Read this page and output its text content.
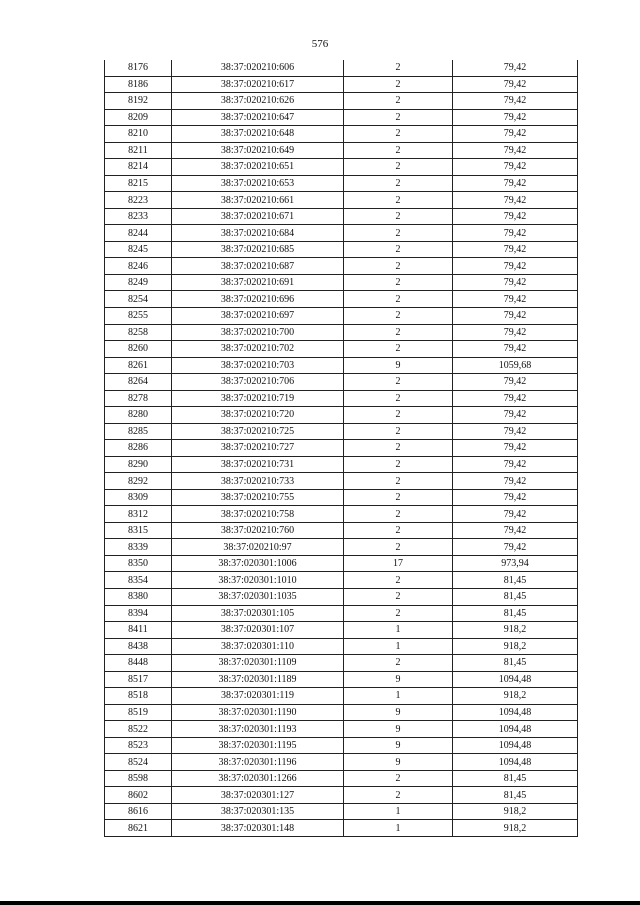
576
8176	38:37:020210:606	2	79,42
8186	38:37:020210:617	2	79,42
8192	38:37:020210:626	2	79,42
8209	38:37:020210:647	2	79,42
8210	38:37:020210:648	2	79,42
8211	38:37:020210:649	2	79,42
8214	38:37:020210:651	2	79,42
8215	38:37:020210:653	2	79,42
8223	38:37:020210:661	2	79,42
8233	38:37:020210:671	2	79,42
8244	38:37:020210:684	2	79,42
8245	38:37:020210:685	2	79,42
8246	38:37:020210:687	2	79,42
8249	38:37:020210:691	2	79,42
8254	38:37:020210:696	2	79,42
8255	38:37:020210:697	2	79,42
8258	38:37:020210:700	2	79,42
8260	38:37:020210:702	2	79,42
8261	38:37:020210:703	9	1059,68
8264	38:37:020210:706	2	79,42
8278	38:37:020210:719	2	79,42
8280	38:37:020210:720	2	79,42
8285	38:37:020210:725	2	79,42
8286	38:37:020210:727	2	79,42
8290	38:37:020210:731	2	79,42
8292	38:37:020210:733	2	79,42
8309	38:37:020210:755	2	79,42
8312	38:37:020210:758	2	79,42
8315	38:37:020210:760	2	79,42
8339	38:37:020210:97	2	79,42
8350	38:37:020301:1006	17	973,94
8354	38:37:020301:1010	2	81,45
8380	38:37:020301:1035	2	81,45
8394	38:37:020301:105	2	81,45
8411	38:37:020301:107	1	918,2
8438	38:37:020301:110	1	918,2
8448	38:37:020301:1109	2	81,45
8517	38:37:020301:1189	9	1094,48
8518	38:37:020301:119	1	918,2
8519	38:37:020301:1190	9	1094,48
8522	38:37:020301:1193	9	1094,48
8523	38:37:020301:1195	9	1094,48
8524	38:37:020301:1196	9	1094,48
8598	38:37:020301:1266	2	81,45
8602	38:37:020301:127	2	81,45
8616	38:37:020301:135	1	918,2
8621	38:37:020301:148	1	918,2
